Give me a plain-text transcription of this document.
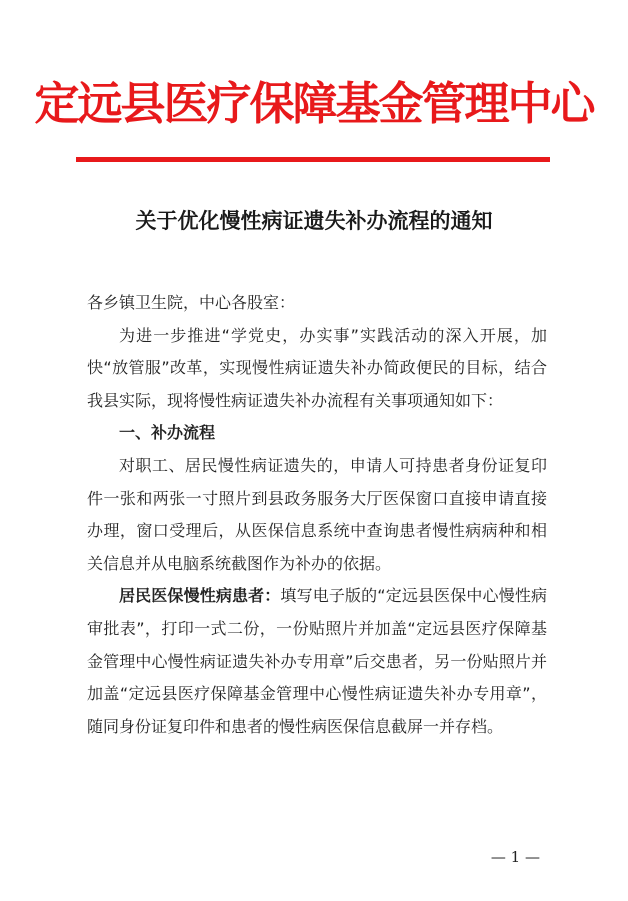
定远县医疗保障基金管理中心
关于优化慢性病证遗失补办流程的通知

各乡镇卫生院，中心各股室：

为进一步推进“学党史，办实事”实践活动的深入开展，加快“放管服”改革，实现慢性病证遗失补办简政便民的目标，结合我县实际，现将慢性病证遗失补办流程有关事项通知如下：

一、补办流程

对职工、居民慢性病证遗失的，申请人可持患者身份证复印件一张和两张一寸照片到县政务服务大厅医保窗口直接申请直接办理，窗口受理后，从医保信息系统中查询患者慢性病病种和相关信息并从电脑系统截图作为补办的依据。

居民医保慢性病患者：填写电子版的“定远县医保中心慢性病审批表”，打印一式二份，一份贴照片并加盖“定远县医疗保障基金管理中心慢性病证遗失补办专用章”后交患者，另一份贴照片并加盖“定远县医疗保障基金管理中心慢性病证遗失补办专用章”，随同身份证复印件和患者的慢性病医保信息截屏一并存档。

— 1 —
